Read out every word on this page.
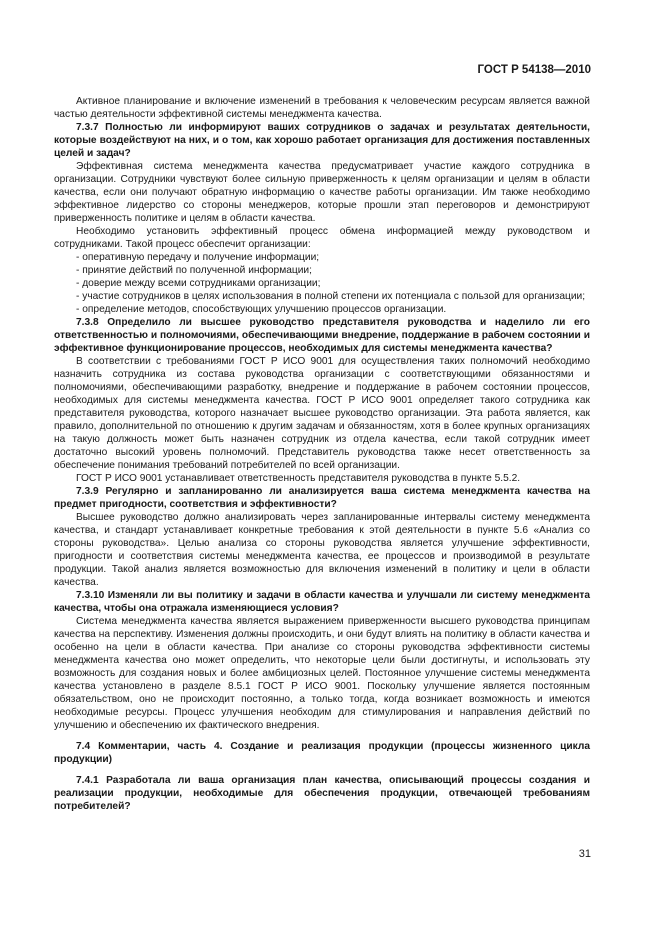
ГОСТ Р 54138—2010

Активное планирование и включение изменений в требования к человеческим ресурсам является важной частью деятельности эффективной системы менеджмента качества.

7.3.7 Полностью ли информируют ваших сотрудников о задачах и результатах деятельности, которые воздействуют на них, и о том, как хорошо работает организация для достижения поставленных целей и задач?

Эффективная система менеджмента качества предусматривает участие каждого сотрудника в организации. Сотрудники чувствуют более сильную приверженность к целям организации и целям в области качества, если они получают обратную информацию о качестве работы организации. Им также необходимо эффективное лидерство со стороны менеджеров, которые прошли этап переговоров и демонстрируют приверженность политике и целям в области качества.

Необходимо установить эффективный процесс обмена информацией между руководством и сотрудниками. Такой процесс обеспечит организации:

- оперативную передачу и получение информации;

- принятие действий по полученной информации;

- доверие между всеми сотрудниками организации;

- участие сотрудников в целях использования в полной степени их потенциала с пользой для организации;

- определение методов, способствующих улучшению процессов организации.

7.3.8 Определило ли высшее руководство представителя руководства и наделило ли его ответственностью и полномочиями, обеспечивающими внедрение, поддержание в рабочем состоянии и эффективное функционирование процессов, необходимых для системы менеджмента качества?

В соответствии с требованиями ГОСТ Р ИСО 9001 для осуществления таких полномочий необходимо назначить сотрудника из состава руководства организации с соответствующими обязанностями и полномочиями, обеспечивающими разработку, внедрение и поддержание в рабочем состоянии процессов, необходимых для системы менеджмента качества. ГОСТ Р ИСО 9001 определяет такого сотрудника как представителя руководства, которого назначает высшее руководство организации. Эта работа является, как правило, дополнительной по отношению к другим задачам и обязанностям, хотя в более крупных организациях на такую должность может быть назначен сотрудник из отдела качества, если такой сотрудник имеет достаточно высокий уровень полномочий. Представитель руководства также несет ответственность за обеспечение понимания требований потребителей по всей организации.

ГОСТ Р ИСО 9001 устанавливает ответственность представителя руководства в пункте 5.5.2.

7.3.9 Регулярно и запланированно ли анализируется ваша система менеджмента качества на предмет пригодности, соответствия и эффективности?

Высшее руководство должно анализировать через запланированные интервалы систему менеджмента качества, и стандарт устанавливает конкретные требования к этой деятельности в пункте 5.6 «Анализ со стороны руководства». Целью анализа со стороны руководства является улучшение эффективности, пригодности и соответствия системы менеджмента качества, ее процессов и производимой в результате продукции. Такой анализ является возможностью для включения изменений в политику и цели в области качества.

7.3.10 Изменяли ли вы политику и задачи в области качества и улучшали ли систему менеджмента качества, чтобы она отражала изменяющиеся условия?

Система менеджмента качества является выражением приверженности высшего руководства принципам качества на перспективу. Изменения должны происходить, и они будут влиять на политику в области качества и особенно на цели в области качества. При анализе со стороны руководства эффективности системы менеджмента качества оно может определить, что некоторые цели были достигнуты, и использовать эту возможность для создания новых и более амбициозных целей. Постоянное улучшение системы менеджмента качества установлено в разделе 8.5.1 ГОСТ Р ИСО 9001. Поскольку улучшение является постоянным обязательством, оно не происходит постоянно, а только тогда, когда возникает возможность и имеются необходимые ресурсы. Процесс улучшения необходим для стимулирования и направления действий по улучшению и обеспечению их фактического внедрения.

7.4 Комментарии, часть 4. Создание и реализация продукции (процессы жизненного цикла продукции)

7.4.1 Разработала ли ваша организация план качества, описывающий процессы создания и реализации продукции, необходимые для обеспечения продукции, отвечающей требованиям потребителей?

31
